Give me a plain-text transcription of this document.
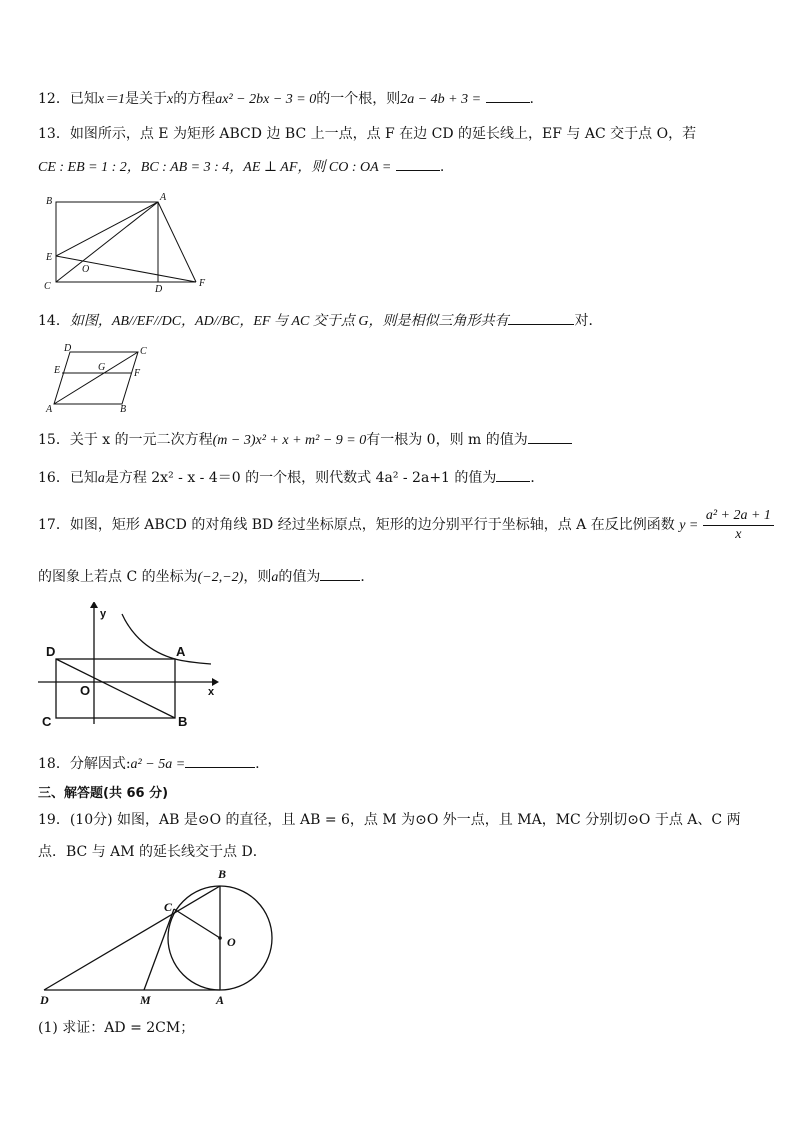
12．已知x＝1是关于x的方程ax² − 2bx − 3 = 0的一个根，则2a − 4b + 3 =	.
13．如图所示，点 E 为矩形 ABCD 边 BC 上一点，点 F 在边 CD 的延长线上，EF 与 AC 交于点 O，若
CE : EB = 1 : 2，BC : AB = 3 : 4，AE ⊥ AF，则 CO : OA =	.
B	A
E
O
C	D
F
14．如图，AB//EF//DC，AD//BC，EF 与 AC 交于点 G，则是相似三角形共有	对．
D	C
E	G
F
A	B
15．关于 x 的一元二次方程(m − 3)x² + x + m² − 9 = 0有一根为 0，则 m 的值为
16．已知a是方程 2x² - x - 4＝0 的一个根，则代数式 4a² - 2a+1 的值为 ．
17．如图，矩形 ABCD 的对角线 BD 经过坐标原点，矩形的边分别平行于坐标轴，点 A 在反比例函数 $y = \frac{\text{a² + 2a + 1}}{x}$
的图象上若点 C 的坐标为(−2,−2)，则a的值为	．
y
x
D	A
O
C	B
18．分解因式:a² − 5a =	.
三、解答题(共 66 分)
19．(10分) 如图，AB 是⊙O 的直径，且 AB = 6，点 M 为⊙O 外一点，且 MA，MC 分别切⊙O 于点 A、C 两
点．BC 与 AM 的延长线交于点 D．
B
C
O
D	M	A
(1) 求证：AD = 2CM；
